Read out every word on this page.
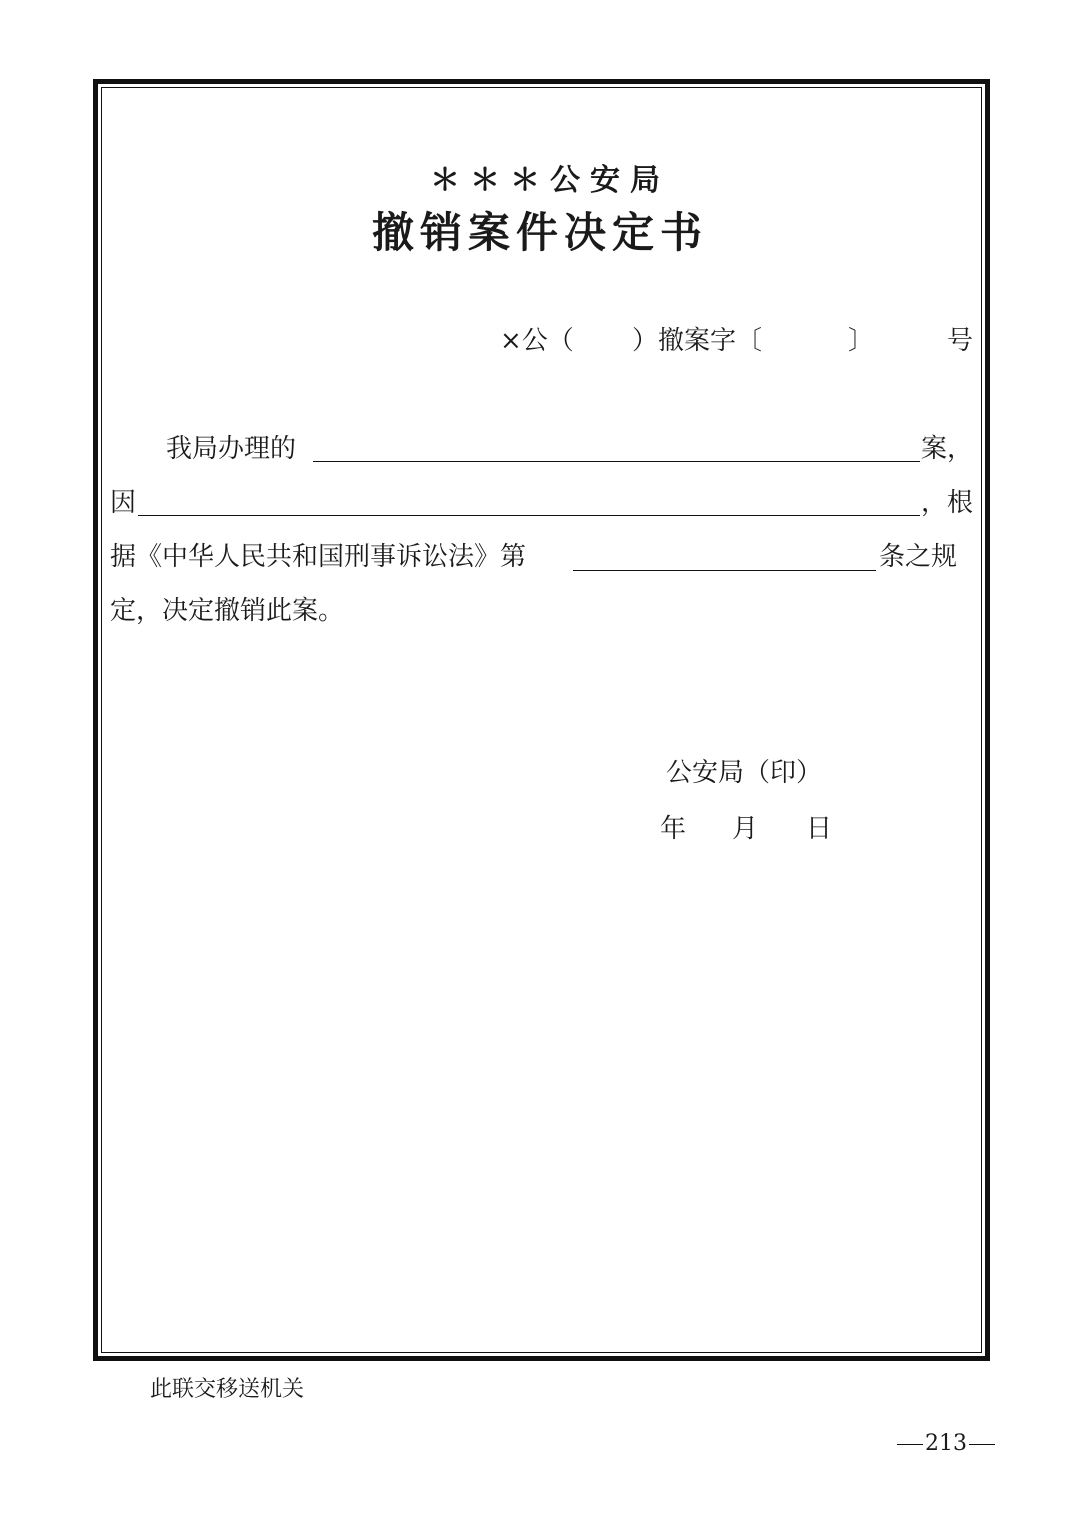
＊＊＊公安局
撤销案件决定书
×公（ ）撤案字〔	〕	号
我局办理的	案，
因	，根
据《中华人民共和国刑事诉讼法》第	条之规
定，决定撤销此案。
公安局（印）
年 月 日
此联交移送机关
213
